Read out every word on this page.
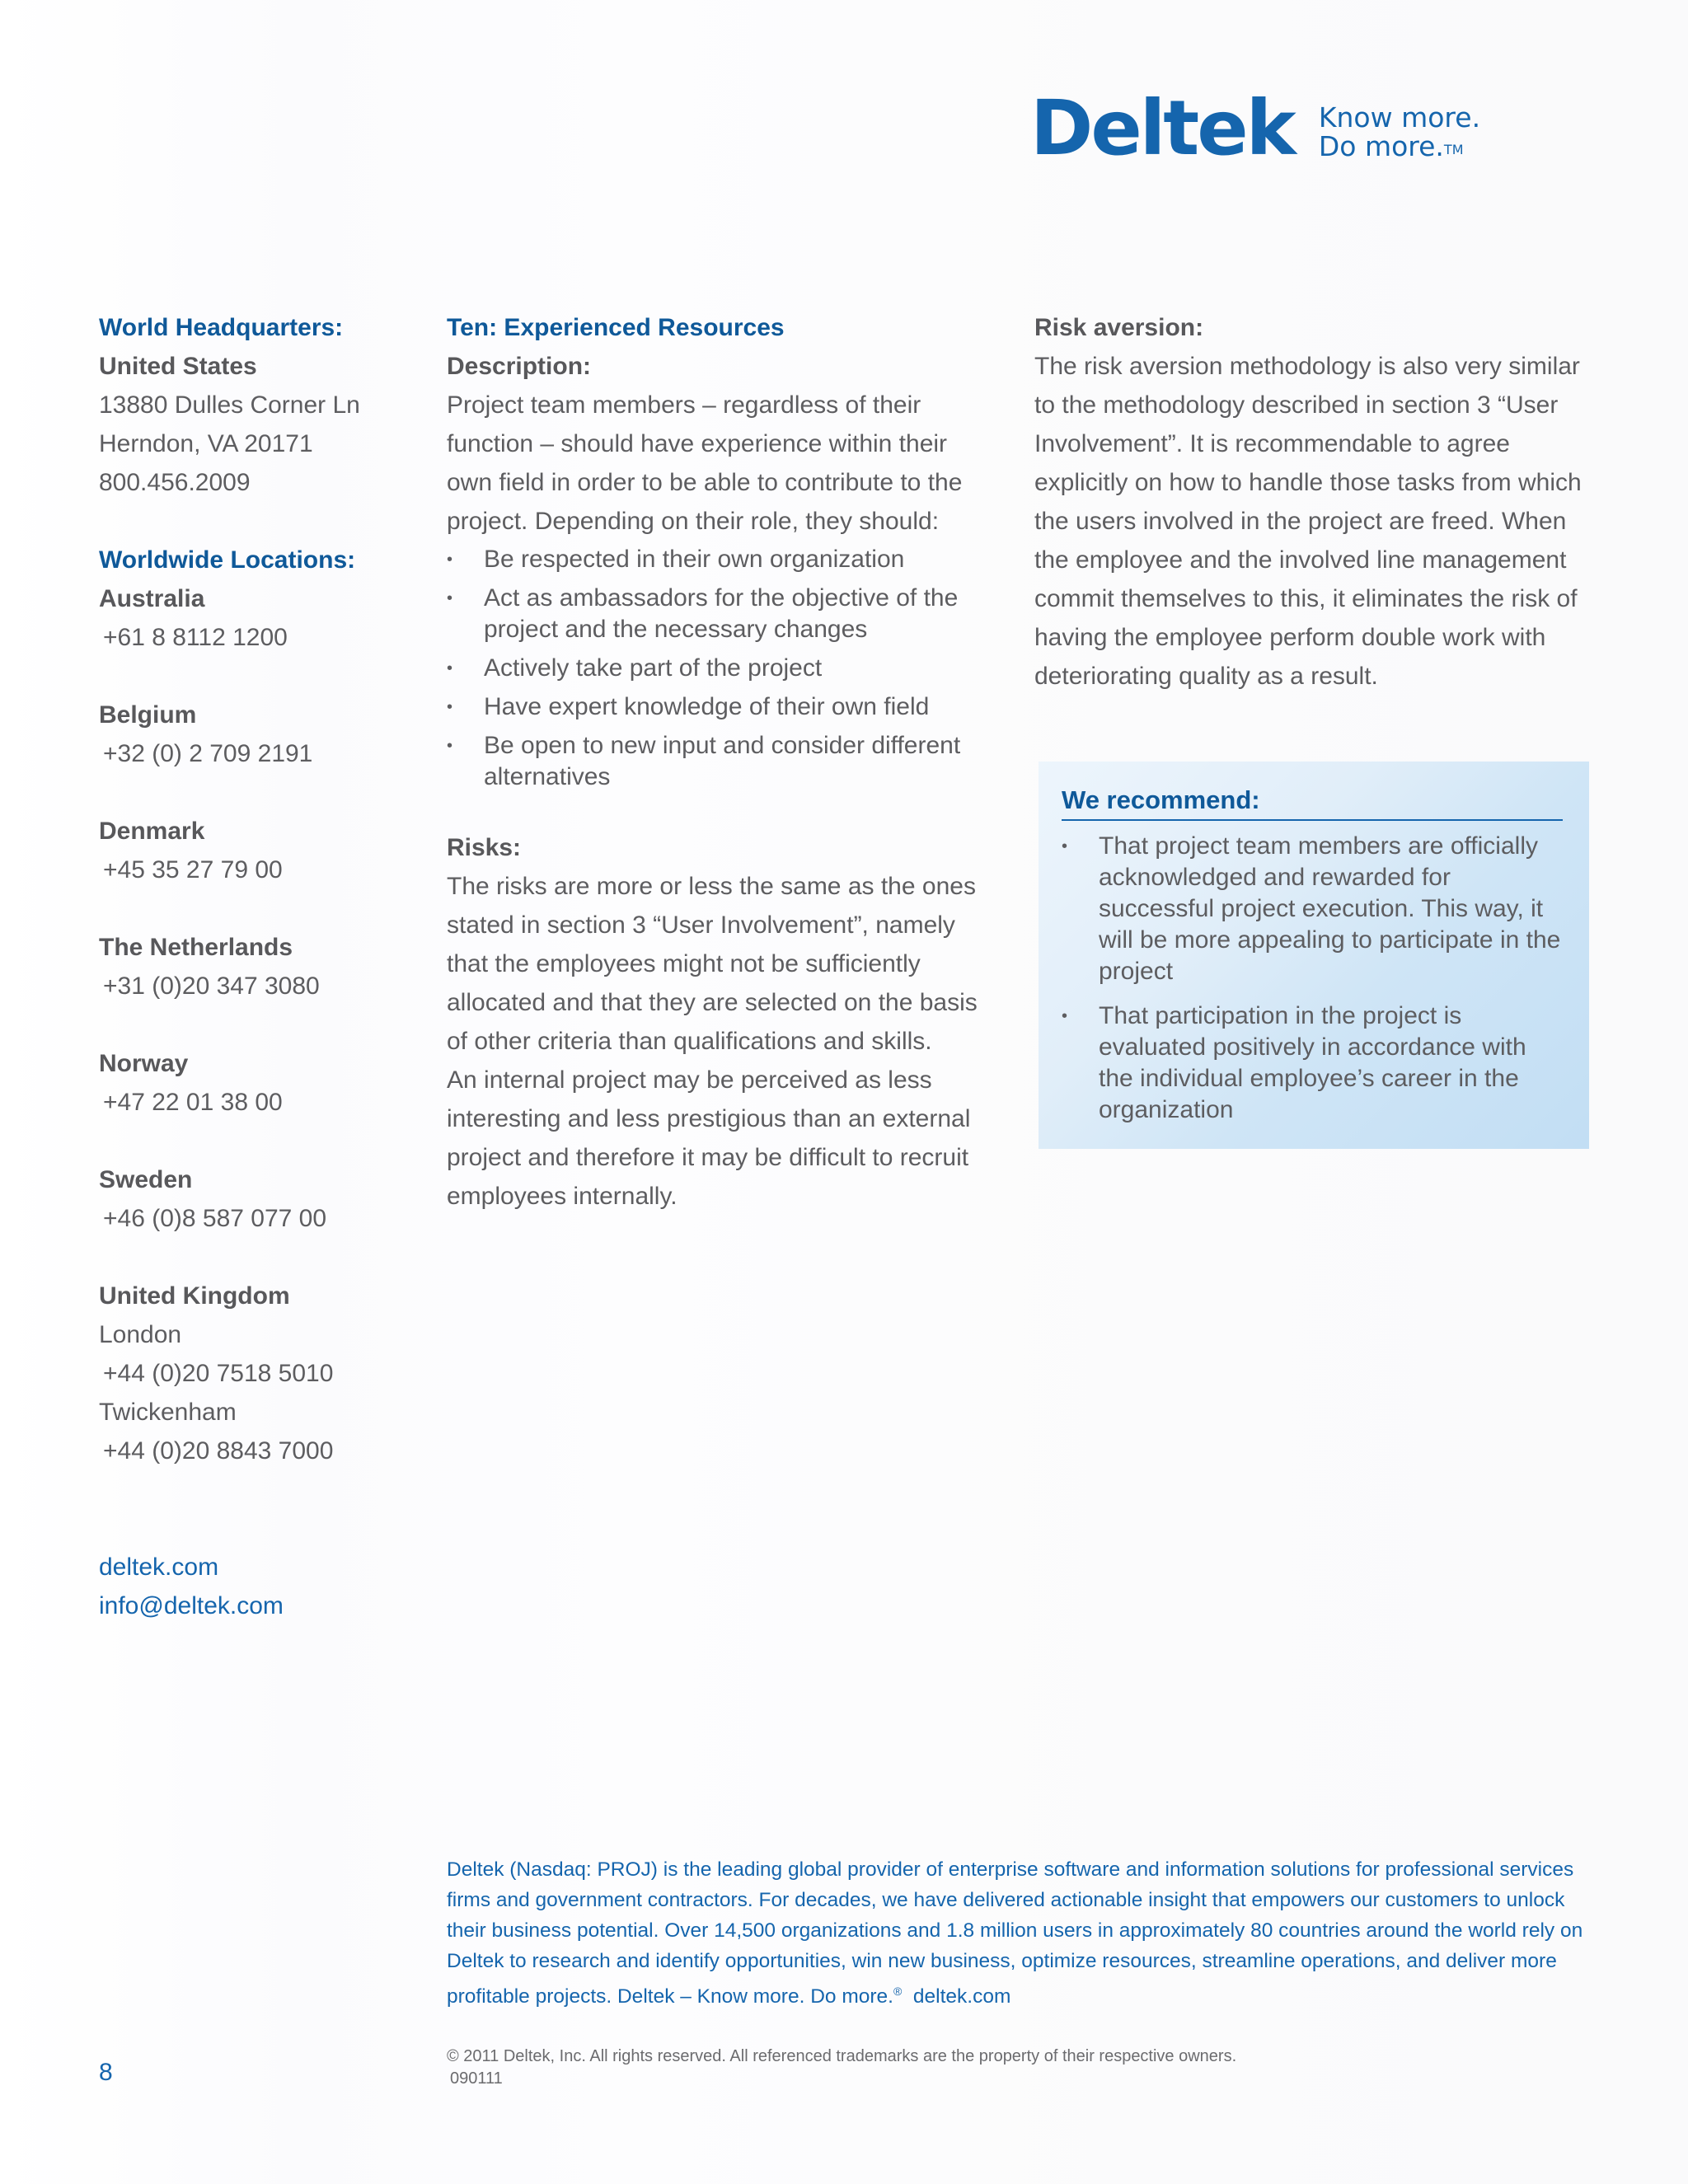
Deltek Know more.
Do more.™
World Headquarters:
United States
13880 Dulles Corner Ln
Herndon, VA 20171
800.456.2009
Worldwide Locations:
Australia
+61 8 8112 1200
Belgium
+32 (0) 2 709 2191
Denmark
+45 35 27 79 00
The Netherlands
+31 (0)20 347 3080
Norway
+47 22 01 38 00
Sweden
+46 (0)8 587 077 00
United Kingdom
London
+44 (0)20 7518 5010
Twickenham
+44 (0)20 8843 7000
deltek.com
info@deltek.com
Ten: Experienced Resources
Description:
Project team members – regardless of their function – should have experience within their own field in order to be able to contribute to the project. Depending on their role, they should:
• Be respected in their own organization
• Act as ambassadors for the objective of the project and the necessary changes
• Actively take part of the project
• Have expert knowledge of their own field
• Be open to new input and consider different alternatives
Risks:
The risks are more or less the same as the ones stated in section 3 “User Involvement”, namely that the employees might not be sufficiently allocated and that they are selected on the basis of other criteria than qualifications and skills.
An internal project may be perceived as less interesting and less prestigious than an external project and therefore it may be difficult to recruit employees internally.
Risk aversion:
The risk aversion methodology is also very similar to the methodology described in section 3 “User Involvement”. It is recommendable to agree explicitly on how to handle those tasks from which the users involved in the project are freed. When the employee and the involved line management commit themselves to this, it eliminates the risk of having the employee perform double work with deteriorating quality as a result.
We recommend:
• That project team members are officially acknowledged and rewarded for successful project execution. This way, it will be more appealing to participate in the project
• That participation in the project is evaluated positively in accordance with the individual employee’s career in the organization
Deltek (Nasdaq: PROJ) is the leading global provider of enterprise software and information solutions for professional services firms and government contractors. For decades, we have delivered actionable insight that empowers our customers to unlock their business potential. Over 14,500 organizations and 1.8 million users in approximately 80 countries around the world rely on Deltek to research and identify opportunities, win new business, optimize resources, streamline operations, and deliver more profitable projects. Deltek – Know more. Do more.® deltek.com
© 2011 Deltek, Inc. All rights reserved. All referenced trademarks are the property of their respective owners.
090111
8
